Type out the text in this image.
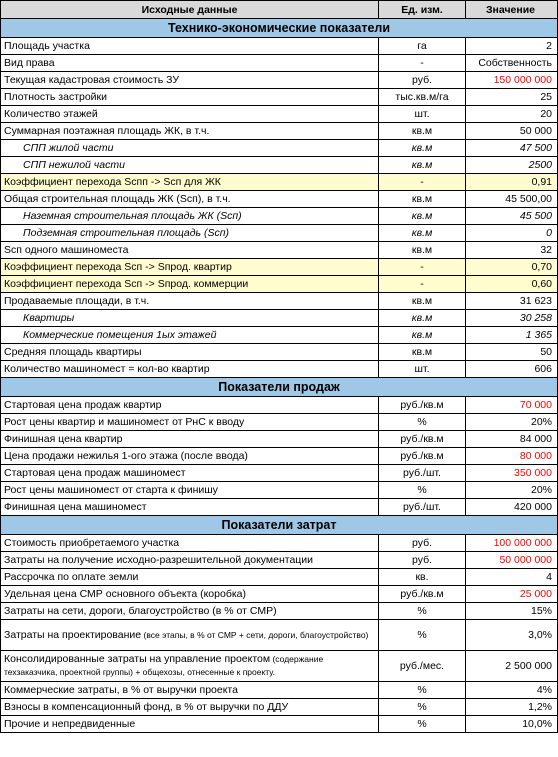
Исходные данные	Ед. изм.	Значение
Технико-экономические показатели		
Площадь участка	га	2
Вид права	-	Собственность
Текущая кадастровая стоимость ЗУ	руб.	150 000 000
Плотность застройки	тыс.кв.м/га	25
Количество этажей	шт.	20
Суммарная поэтажная площадь ЖК, в т.ч.	кв.м	50 000
СПП жилой части	кв.м	47 500
СПП нежилой части	кв.м	2500
Коэффициент перехода Sспп -> Sсп для ЖК	-	0,91
Общая строительная площадь ЖК (Sсп), в т.ч.	кв.м	45 500,00
Наземная строительная площадь ЖК (Sсп)	кв.м	45 500
Подземная строительная площадь (Sсп)	кв.м	0
Sсп одного машиноместа	кв.м	32
Коэффициент перехода Sсп -> Sпрод. квартир	-	0,70
Коэффициент перехода Sсп -> Sпрод. коммерции	-	0,60
Продаваемые площади, в т.ч.	кв.м	31 623
Квартиры	кв.м	30 258
Коммерческие помещения 1ых этажей	кв.м	1 365
Средняя площадь квартиры	кв.м	50
Количество машиномест = кол-во квартир	шт.	606
Показатели продаж		
Стартовая цена продаж квартир	руб./кв.м	70 000
Рост цены квартир и машиномест от РнС к вводу	%	20%
Финишная цена квартир	руб./кв.м	84 000
Цена продажи нежилья 1-ого этажа (после ввода)	руб./кв.м	80 000
Стартовая цена продаж машиномест	руб./шт.	350 000
Рост цены машиномест от старта к финишу	%	20%
Финишная цена машиномест	руб./шт.	420 000
Показатели затрат		
Стоимость приобретаемого участка	руб.	100 000 000
Затраты на получение исходно-разрешительной документации	руб.	50 000 000
Рассрочка по оплате земли	кв.	4
Удельная цена СМР основного объекта (коробка)	руб./кв.м	25 000
Затраты на сети, дороги, благоустройство (в % от СМР)	%	15%
Затраты на проектирование (все этапы, в % от СМР + сети, дороги, благоустройство)	%	3,0%
Консолидированные затраты на управление проектом (содержание техзаказчика, проектной группы) + общехозы, отнесенные к проекту.	руб./мес.	2 500 000
Коммерческие затраты, в % от выручки проекта	%	4%
Взносы в компенсационный фонд, в % от выручки по ДДУ	%	1,2%
Прочие и непредвиденные	%	10,0%
